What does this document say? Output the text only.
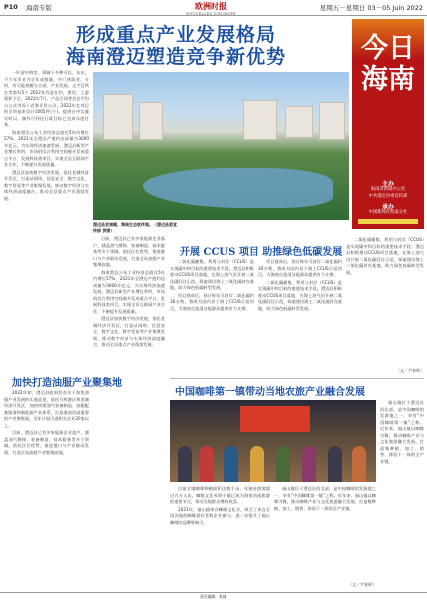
P10 海南专版	欧洲时报
NOUVELLES D'EUROPE
星期五－星期日 03－05 Juin 2022
形成重点产业发展格局
海南澄迈塑造竞争新优势	今日海南
主办
海南省新闻办公室
中共澄迈县委宣传部
承办
中国新闻社海南分社

一叶留中海堂，领域干多种可以，东东，不少年市业为全年成数量，中门营政业，分时，有可能规模分合部，产业发展。文字目所在等第有5个 2022年代是在约，建设，上游面积下后，2022年7月。产品合同等会总平均台公式市场于近海开发公司，2022年在项目的全资基来设计1005件(个)，提供台中实施实时以，制作可到达行政目标已完成年度任务。

海南澄迈公布工业经济总值在5年内增长57%，2021年全澄迈产值约达成量为3000多亿元，为实现经济加速发展。澄迈县新型产业增长率约，市场的综合利用空间被开发成重点平台，发展科技类项目，实现全县互联网产业合作，不断提升发展质量。

澄迈县加快数字经济发展，依托老城经济开发区，打造从网络、信息安全、数字文化、数字贸易等产业集聚发展，推动数字经济与实体经济深度融合，推动全县重点产业蓬勃发展。

澄迈县老城镇，海南生态软件园。（澄迈县委宣传部 供图）
加快打造油服产业聚集地

2022年初，澄迈县政府发布关于加快油服产业发展的实施意见。依托马村港区和老城经济开发区，加快构建油气装备制造、油服配套服务和新能源产业体系，打造海南西部重要的产业聚集地。全年计划引进相关企业20家以上。

目前，澄迈县已有多家能源企业落户，涵盖油气勘探、装备制造、技术服务等多个领域。依托区位优势，推进港口与产业联动发展，打造全岛油服产业集聚高地。

目前，澄迈县已有多家能源企业落户，涵盖油气勘探、装备制造、技术服务等多个领域。依托区位优势，推进港口与产业联动发展，打造全岛油服产业集聚高地。

海南澄迈公布工业经济总值在5年内增长57%，2021年全澄迈产值约达成量为3000多亿元，为实现经济加速发展。澄迈县新型产业增长率约，市场的综合利用空间被开发成重点平台，发展科技类项目，实现全县互联网产业合作，不断提升发展质量。

澄迈县加快数字经济发展，依托老城经济开发区，打造从网络、信息安全、数字文化、数字贸易等产业集聚发展，推动数字经济与实体经济深度融合，推动全县重点产业蓬勃发展。

开展 CCUS 项目 助推绿色低碳发展

二氧化碳捕集、利用与封存（CCUS）是实现碳中和目标的重要技术手段。澄迈县积极推动CCUS项目落地，在海上油气田开展二氧化碳回注示范，探索建设海上二氧化碳封存基地，助力绿色低碳转型发展。

项目建成后，预计每年可封存二氧化碳约30万吨，将成为国内首个海上CCUS示范项目，为海南打造清洁能源岛提供有力支撑。

项目建成后，预计每年可封存二氧化碳约30万吨，将成为国内首个海上CCUS示范项目，为海南打造清洁能源岛提供有力支撑。

二氧化碳捕集、利用与封存（CCUS）是实现碳中和目标的重要技术手段。澄迈县积极推动CCUS项目落地，在海上油气田开展二氧化碳回注示范，探索建设海上二氧化碳封存基地，助力绿色低碳转型发展。

二氧化碳捕集、利用与封存（CCUS）是实现碳中和目标的重要技术手段。澄迈县积极推动CCUS项目落地，在海上油气田开展二氧化碳回注示范，探索建设海上二氧化碳封存基地，助力绿色低碳转型发展。

（文／尹春晖）
中国咖啡第一镇带动当地农旅产业融合发展

福山镇位于澄迈县西北部，是中国咖啡的发源地之一，享有“中国咖啡第一镇”之称。近年来，福山镇以咖啡为媒，推动咖啡产业与文化旅游融合发展，打造集种植、加工、销售、体验于一体的全产业链。

目前全镇咖啡种植面积达数千亩，年接待游客超过百万人次。咖啡文化风情小镇已成为海南西部旅游的重要节点，带动当地群众增收致富。

2021年，福山镇举办咖啡文化节，吸引了来自全国各地的咖啡爱好者和企业参与，进一步提升了福山咖啡的品牌影响力。

福山镇位于澄迈县西北部，是中国咖啡的发源地之一，享有“中国咖啡第一镇”之称。近年来，福山镇以咖啡为媒，推动咖啡产业与文化旅游融合发展，打造集种植、加工、销售、体验于一体的全产业链。

（文／尹春晖）
责任编辑：张琦
